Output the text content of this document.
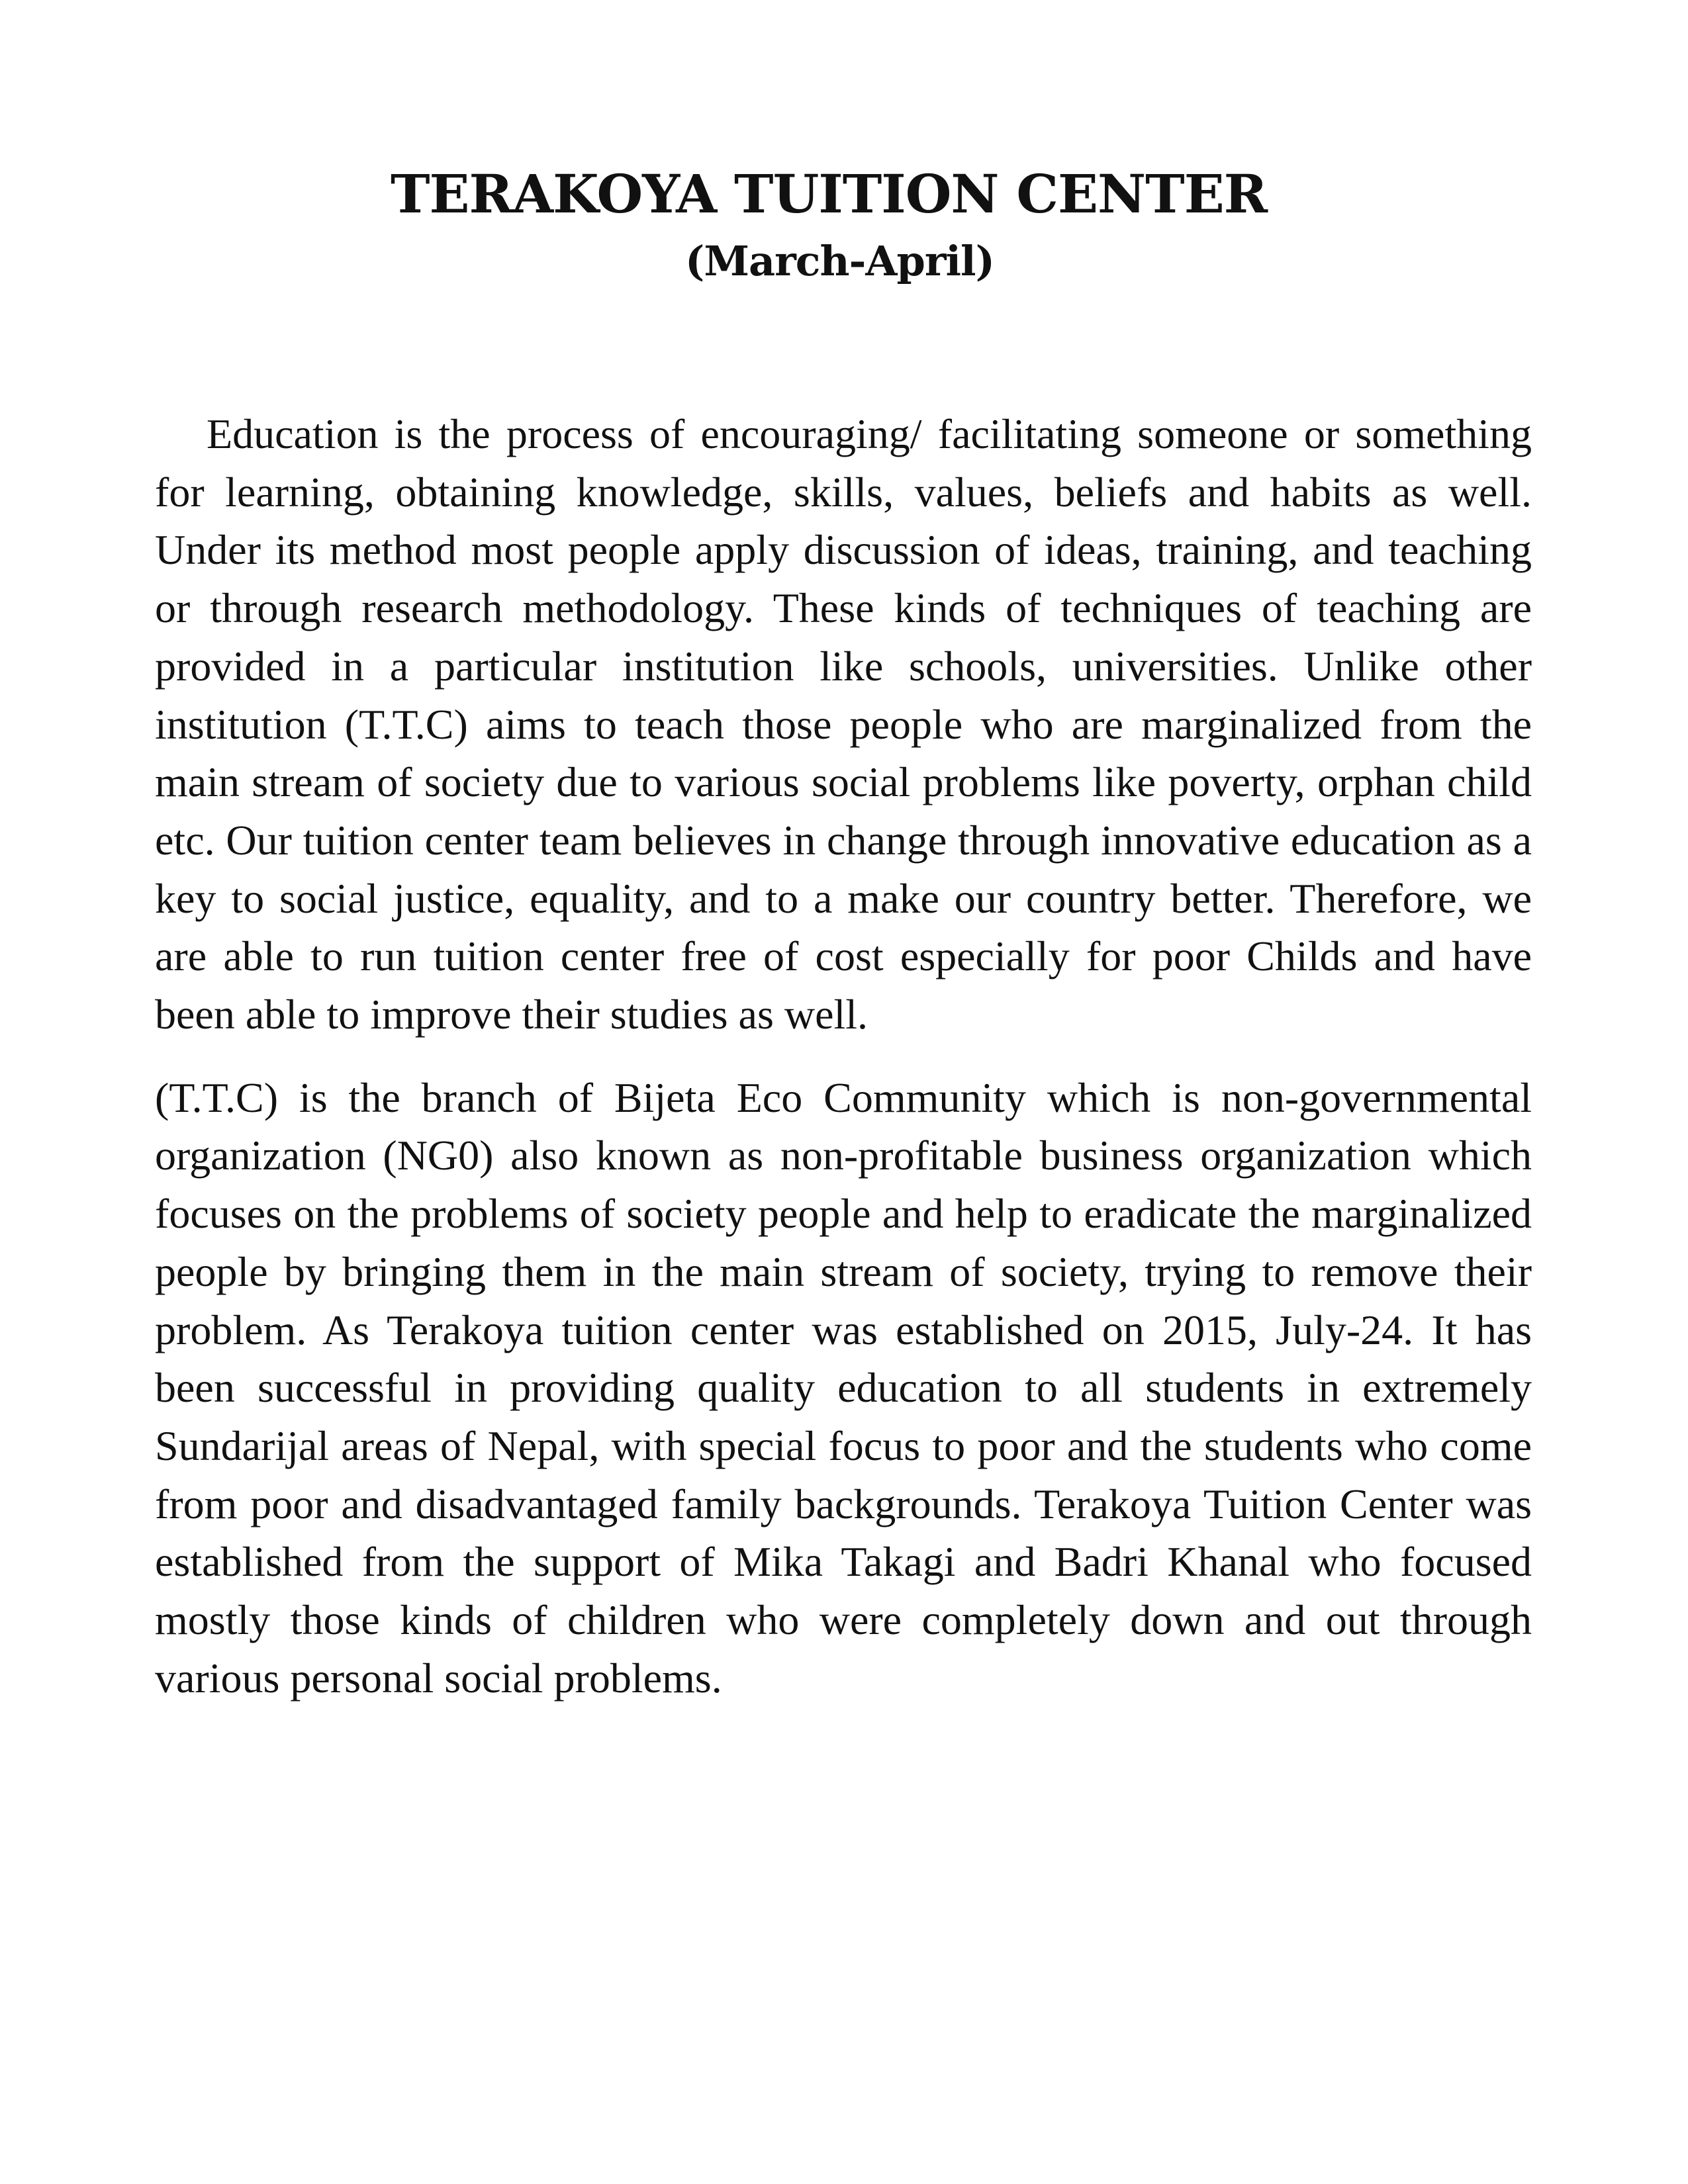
TERAKOYA TUITION CENTER
(March-April)

Education is the process of encouraging/ facilitating someone or something for learning, obtaining knowledge, skills, values, beliefs and habits as well. Under its method most people apply discussion of ideas, training, and teaching or through research methodology. These kinds of techniques of teaching are provided in a particular institution like schools, universities. Unlike other institution (T.T.C) aims to teach those people who are marginalized from the main stream of society due to various social problems like poverty, orphan child etc. Our tuition center team believes in change through innovative education as a key to social justice, equality, and to a make our country better. Therefore, we are able to run tuition center free of cost especially for poor Childs and have been able to improve their studies as well.

(T.T.C) is the branch of Bijeta Eco Community which is non-governmental organization (NG0) also known as non-profitable business organization which focuses on the problems of society people and help to eradicate the marginalized people by bringing them in the main stream of society, trying to remove their problem. As Terakoya tuition center was established on 2015, July-24. It has been successful in providing quality education to all students in extremely Sundarijal areas of Nepal, with special focus to poor and the students who come from poor and disadvantaged family backgrounds. Terakoya Tuition Center was established from the support of Mika Takagi and Badri Khanal who focused mostly those kinds of children who were completely down and out through various personal social problems.
